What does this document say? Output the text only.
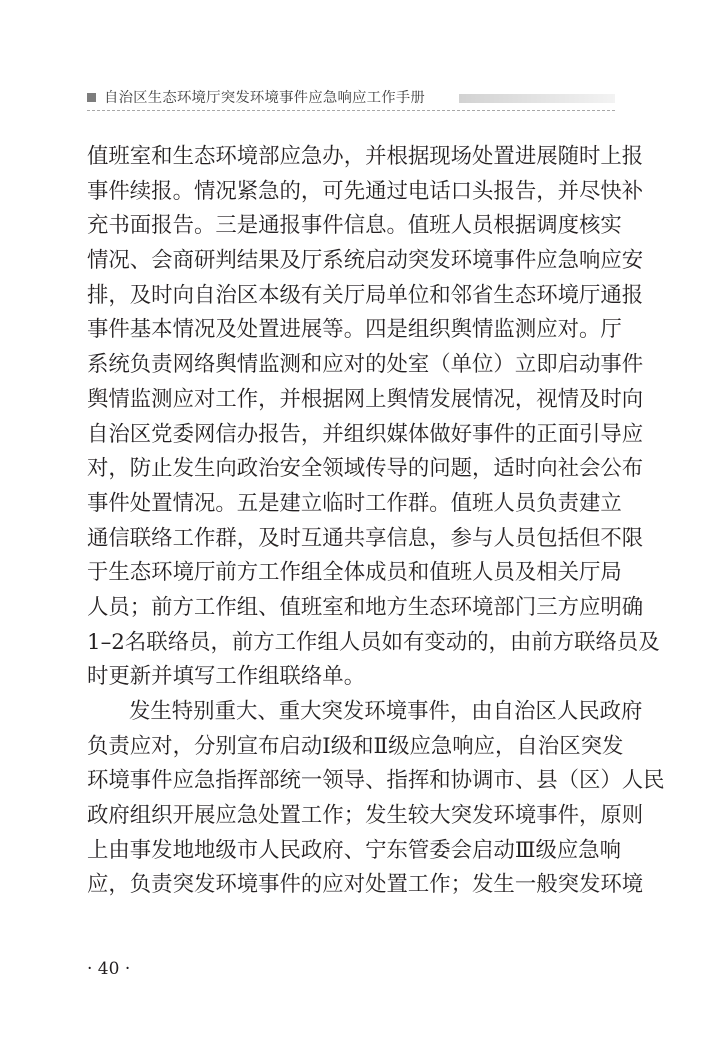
自治区生态环境厅突发环境事件应急响应工作手册
值班室和生态环境部应急办，并根据现场处置进展随时上报
事件续报。情况紧急的，可先通过电话口头报告，并尽快补
充书面报告。三是通报事件信息。值班人员根据调度核实
情况、会商研判结果及厅系统启动突发环境事件应急响应安
排，及时向自治区本级有关厅局单位和邻省生态环境厅通报
事件基本情况及处置进展等。四是组织舆情监测应对。厅
系统负责网络舆情监测和应对的处室（单位）立即启动事件
舆情监测应对工作，并根据网上舆情发展情况，视情及时向
自治区党委网信办报告，并组织媒体做好事件的正面引导应
对，防止发生向政治安全领域传导的问题，适时向社会公布
事件处置情况。五是建立临时工作群。值班人员负责建立
通信联络工作群，及时互通共享信息，参与人员包括但不限
于生态环境厅前方工作组全体成员和值班人员及相关厅局
人员；前方工作组、值班室和地方生态环境部门三方应明确
1–2名联络员，前方工作组人员如有变动的，由前方联络员及
时更新并填写工作组联络单。
发生特别重大、重大突发环境事件，由自治区人民政府
负责应对，分别宣布启动Ⅰ级和Ⅱ级应急响应，自治区突发
环境事件应急指挥部统一领导、指挥和协调市、县（区）人民
政府组织开展应急处置工作；发生较大突发环境事件，原则
上由事发地地级市人民政府、宁东管委会启动Ⅲ级应急响
应，负责突发环境事件的应对处置工作；发生一般突发环境
· 40 ·
